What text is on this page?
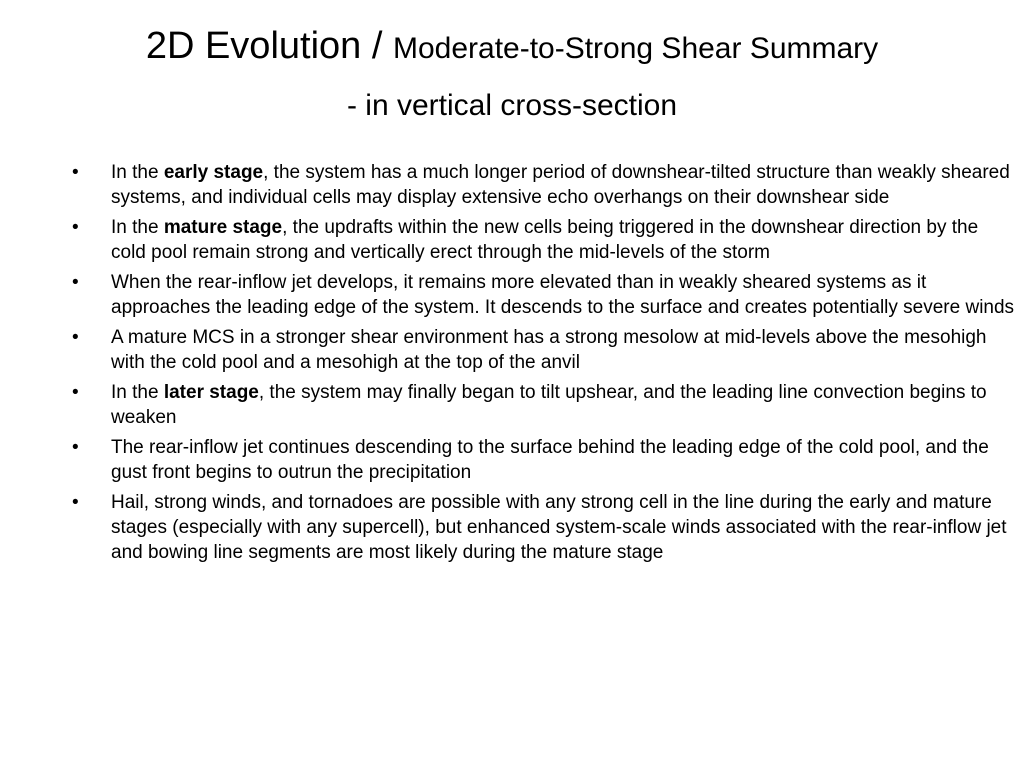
2D Evolution / Moderate-to-Strong Shear Summary
- in vertical cross-section
• In the early stage, the system has a much longer period of downshear-tilted structure than weakly sheared systems, and individual cells may display extensive echo overhangs on their downshear side
• In the mature stage, the updrafts within the new cells being triggered in the downshear direction by the cold pool remain strong and vertically erect through the mid-levels of the storm
• When the rear-inflow jet develops, it remains more elevated than in weakly sheared systems as it approaches the leading edge of the system. It descends to the surface and creates potentially severe winds
• A mature MCS in a stronger shear environment has a strong mesolow at mid-levels above the mesohigh with the cold pool and a mesohigh at the top of the anvil
• In the later stage, the system may finally began to tilt upshear, and the leading line convection begins to weaken
• The rear-inflow jet continues descending to the surface behind the leading edge of the cold pool, and the gust front begins to outrun the precipitation
• Hail, strong winds, and tornadoes are possible with any strong cell in the line during the early and mature stages (especially with any supercell), but enhanced system-scale winds associated with the rear-inflow jet and bowing line segments are most likely during the mature stage
